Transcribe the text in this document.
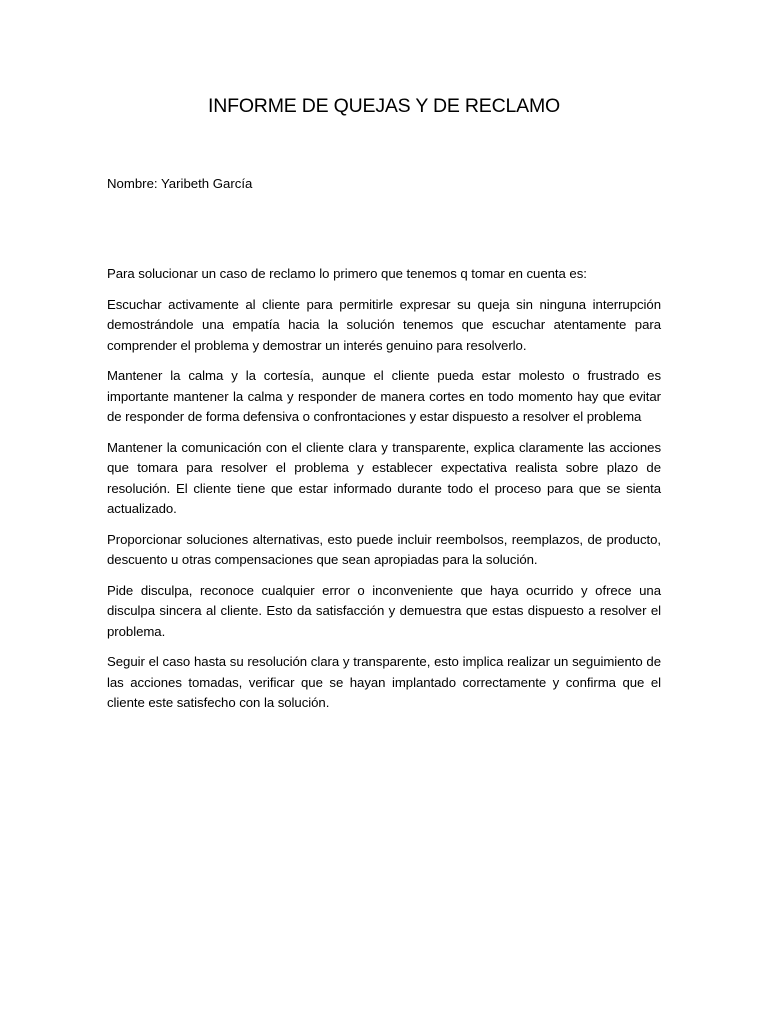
INFORME DE QUEJAS Y DE RECLAMO

Nombre: Yaribeth García

Para solucionar un caso de reclamo lo primero que tenemos q tomar en cuenta es:

Escuchar activamente al cliente para permitirle expresar su queja sin ninguna interrupción demostrándole una empatía hacia la solución tenemos que escuchar atentamente para comprender el problema y demostrar un interés genuino para resolverlo.

Mantener la calma y la cortesía, aunque el cliente pueda estar molesto o frustrado es importante mantener la calma y responder de manera cortes en todo momento hay que evitar de responder de forma defensiva o confrontaciones y estar dispuesto a resolver el problema

Mantener la comunicación con el cliente clara y transparente, explica claramente las acciones que tomara para resolver el problema y establecer expectativa realista sobre plazo de resolución. El cliente tiene que estar informado durante todo el proceso para que se sienta actualizado.

Proporcionar soluciones alternativas, esto puede incluir reembolsos, reemplazos, de producto, descuento u otras compensaciones que sean apropiadas para la solución.

Pide disculpa, reconoce cualquier error o inconveniente que haya ocurrido y ofrece una disculpa sincera al cliente. Esto da satisfacción y demuestra que estas dispuesto a resolver el problema.

Seguir el caso hasta su resolución clara y transparente, esto implica realizar un seguimiento de las acciones tomadas, verificar que se hayan implantado correctamente y confirma que el cliente este satisfecho con la solución.
